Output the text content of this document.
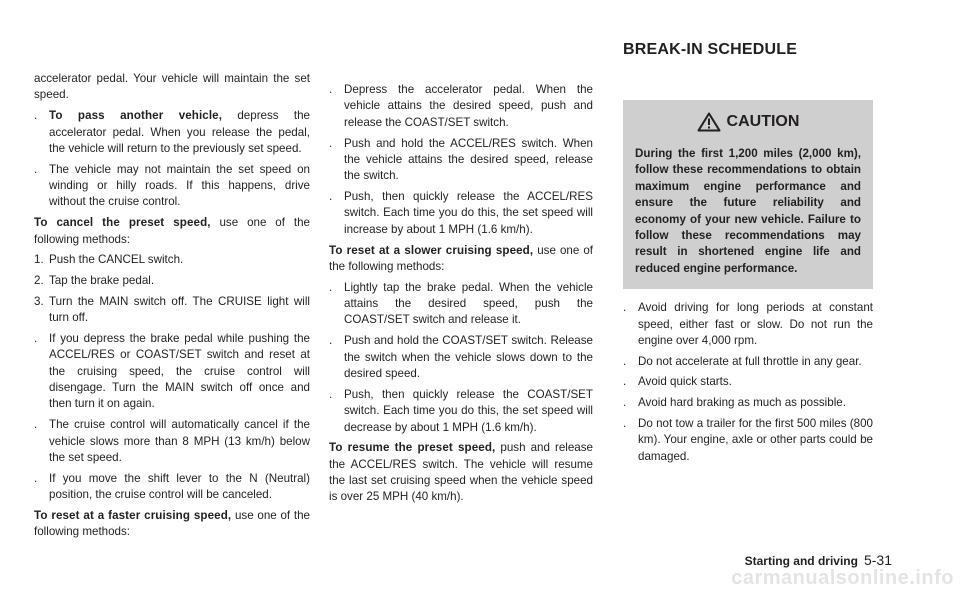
accelerator pedal. Your vehicle will maintain the set speed.

. To pass another vehicle, depress the accelerator pedal. When you release the pedal, the vehicle will return to the previously set speed.
. The vehicle may not maintain the set speed on winding or hilly roads. If this happens, drive without the cruise control.

To cancel the preset speed, use one of the following methods:

1. Push the CANCEL switch.
2. Tap the brake pedal.
3. Turn the MAIN switch off. The CRUISE light will turn off.
. If you depress the brake pedal while pushing the ACCEL/RES or COAST/SET switch and reset at the cruising speed, the cruise control will disengage. Turn the MAIN switch off once and then turn it on again.
. The cruise control will automatically cancel if the vehicle slows more than 8 MPH (13 km/h) below the set speed.
. If you move the shift lever to the N (Neutral) position, the cruise control will be canceled.

To reset at a faster cruising speed, use one of the following methods:

. Depress the accelerator pedal. When the vehicle attains the desired speed, push and release the COAST/SET switch.
. Push and hold the ACCEL/RES switch. When the vehicle attains the desired speed, release the switch.
. Push, then quickly release the ACCEL/RES switch. Each time you do this, the set speed will increase by about 1 MPH (1.6 km/h).

To reset at a slower cruising speed, use one of the following methods:

. Lightly tap the brake pedal. When the vehicle attains the desired speed, push the COAST/SET switch and release it.
. Push and hold the COAST/SET switch. Release the switch when the vehicle slows down to the desired speed.
. Push, then quickly release the COAST/SET switch. Each time you do this, the set speed will decrease by about 1 MPH (1.6 km/h).

To resume the preset speed, push and release the ACCEL/RES switch. The vehicle will resume the last set cruising speed when the vehicle speed is over 25 MPH (40 km/h).

BREAK-IN SCHEDULE
CAUTION
During the first 1,200 miles (2,000 km), follow these recommendations to obtain maximum engine performance and ensure the future reliability and economy of your new vehicle. Failure to follow these recommendations may result in shortened engine life and reduced engine performance.
. Avoid driving for long periods at constant speed, either fast or slow. Do not run the engine over 4,000 rpm.
. Do not accelerate at full throttle in any gear.
. Avoid quick starts.
. Avoid hard braking as much as possible.
. Do not tow a trailer for the first 500 miles (800 km). Your engine, axle or other parts could be damaged.
Starting and driving 5-31
carmanualsonline.info
